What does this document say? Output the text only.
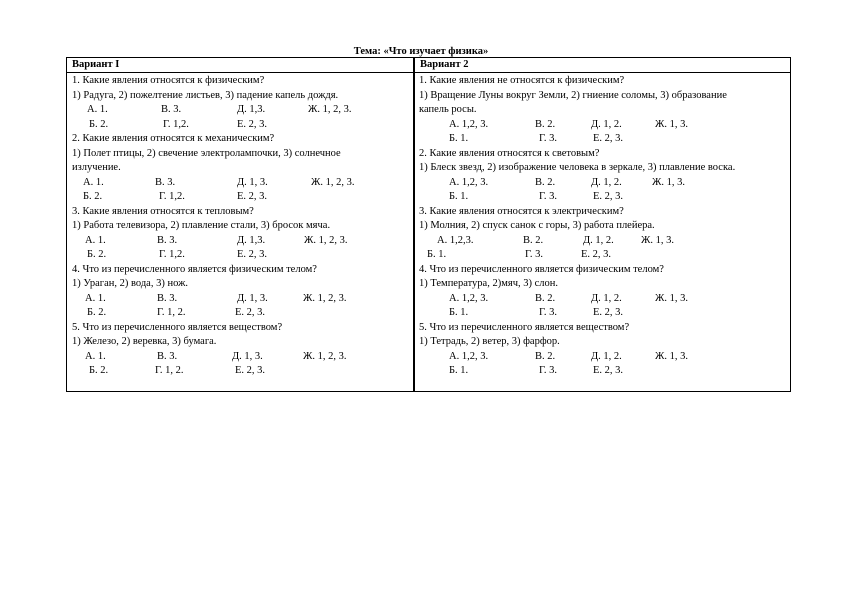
Тема: «Что изучает физика»
Вариант I
1. Какие явления относятся к физическим?
1) Радуга, 2) пожелтение листьев, 3) падение капель дождя.
А. 1.	В. 3.	Д. 1,3.	Ж. 1, 2, 3.
Б. 2.	Г. 1,2.	Е. 2, 3.
2. Какие явления относятся к механическим?
1) Полет птицы, 2) свечение электролампочки, 3) солнечное
излучение.
А. 1.	В. 3.	Д. 1, 3.	Ж. 1, 2, 3.
Б. 2.	Г. 1,2.	Е. 2, 3.
3. Какие явления относятся к тепловым?
1) Работа телевизора, 2) плавление стали, 3) бросок мяча.
А. 1.	В. 3.	Д. 1,3.	Ж. 1, 2, 3.
Б. 2.	Г. 1,2.	Е. 2, 3.
4. Что из перечисленного является физическим телом?
1) Ураган, 2) вода, 3) нож.
А. 1.	В. 3.	Д. 1, 3.	Ж. 1, 2, 3.
Б. 2.	Г. 1, 2.	Е. 2, 3.
5. Что из перечисленного является веществом?
1) Железо, 2) веревка, 3) бумага.
А. 1.	В. 3.	Д. 1, 3.	Ж. 1, 2, 3.
Б. 2.	Г. 1, 2.	Е. 2, 3.
Вариант 2
1. Какие явления не относятся к физическим?
1) Вращение Луны вокруг Земли, 2) гниение соломы, 3) образование
капель росы.
А. 1,2, 3.	В. 2.	Д. 1, 2.	Ж. 1, 3.
Б. 1.	Г. 3.	Е. 2, 3.
2. Какие явления относятся к световым?
1) Блеск звезд, 2) изображение человека в зеркале, 3) плавление воска.
А. 1,2, 3.	В. 2.	Д. 1, 2.	Ж. 1, 3.
Б. 1.	Г. 3.	Е. 2, 3.
3. Какие явления относятся к электрическим?
1) Молния, 2) спуск санок с горы, 3) работа плейера.
А. 1,2,3.	В. 2.	Д. 1, 2.	Ж. 1, 3.
Б. 1.	Г. 3.	Е. 2, 3.
4. Что из перечисленного является физическим телом?
1) Температура, 2)мяч, 3) слон.
А. 1,2, 3.	В. 2.	Д. 1, 2.	Ж. 1, 3.
Б. 1.	Г. 3.	Е. 2, 3.
5. Что из перечисленного является веществом?
1) Тетрадь, 2) ветер, 3) фарфор.
А. 1,2, 3.	В. 2.	Д. 1, 2.	Ж. 1, 3.
Б. 1.	Г. 3.	Е. 2, 3.
